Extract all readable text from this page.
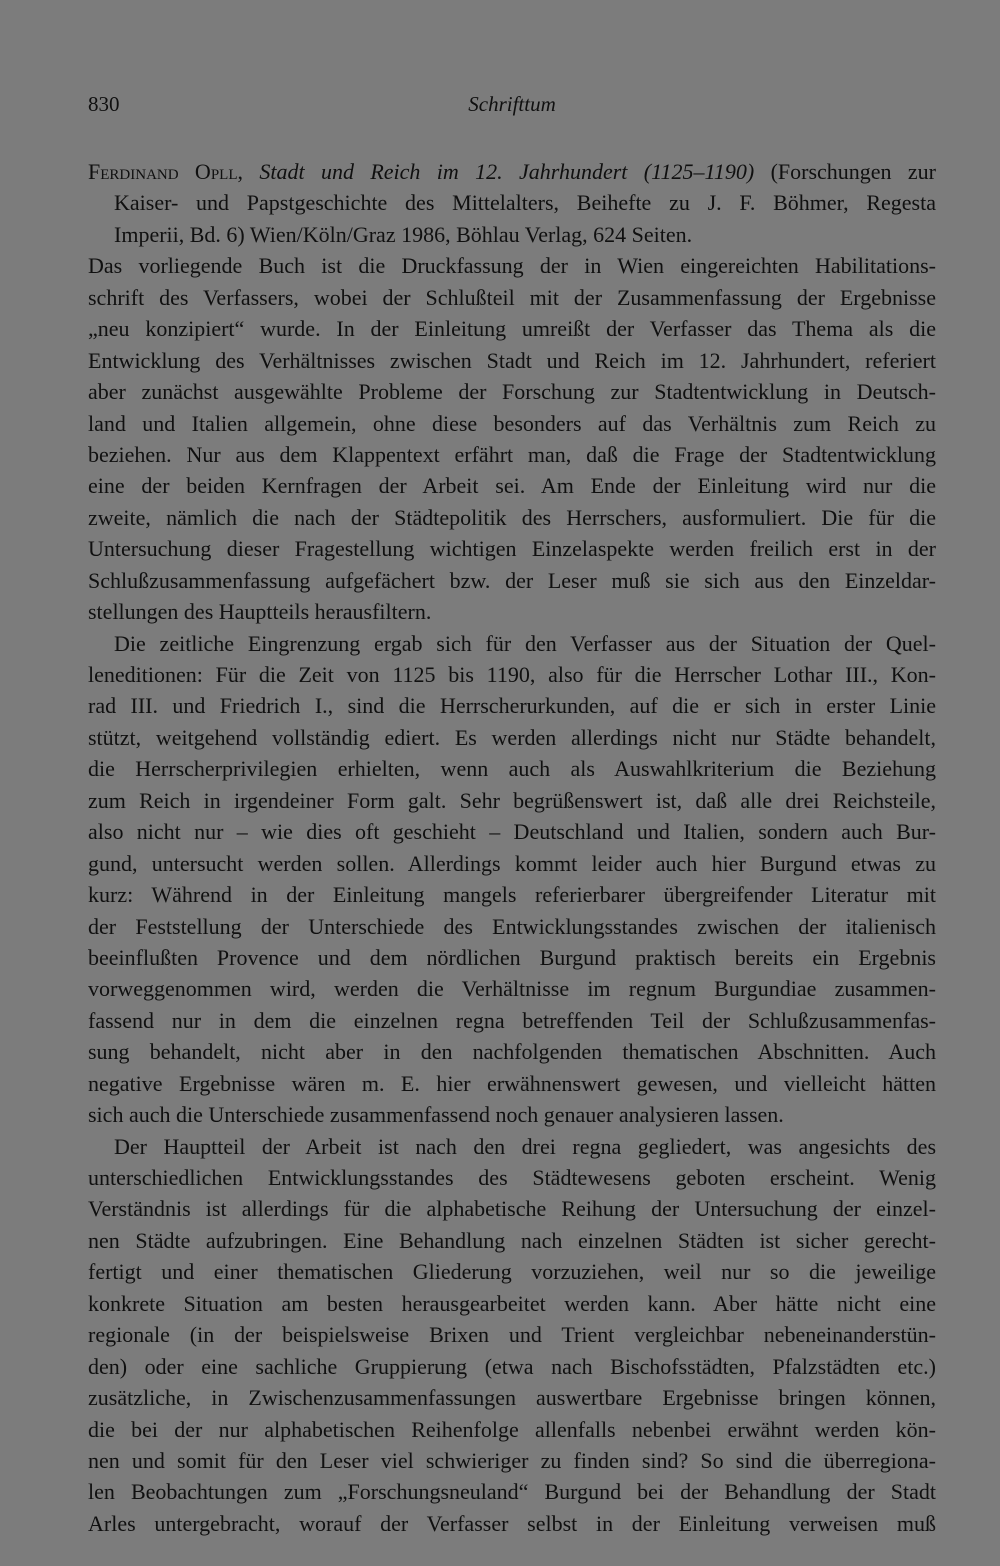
830	Schrifttum
Ferdinand Opll, Stadt und Reich im 12. Jahrhundert (1125–1190) (Forschungen zur
Kaiser- und Papstgeschichte des Mittelalters, Beihefte zu J. F. Böhmer, Regesta
Imperii, Bd. 6) Wien/Köln/Graz 1986, Böhlau Verlag, 624 Seiten.
Das vorliegende Buch ist die Druckfassung der in Wien eingereichten Habilitations-
schrift des Verfassers, wobei der Schlußteil mit der Zusammenfassung der Ergebnisse
„neu konzipiert“ wurde. In der Einleitung umreißt der Verfasser das Thema als die
Entwicklung des Verhältnisses zwischen Stadt und Reich im 12. Jahrhundert, referiert
aber zunächst ausgewählte Probleme der Forschung zur Stadtentwicklung in Deutsch-
land und Italien allgemein, ohne diese besonders auf das Verhältnis zum Reich zu
beziehen. Nur aus dem Klappentext erfährt man, daß die Frage der Stadtentwicklung
eine der beiden Kernfragen der Arbeit sei. Am Ende der Einleitung wird nur die
zweite, nämlich die nach der Städtepolitik des Herrschers, ausformuliert. Die für die
Untersuchung dieser Fragestellung wichtigen Einzelaspekte werden freilich erst in der
Schlußzusammenfassung aufgefächert bzw. der Leser muß sie sich aus den Einzeldar-
stellungen des Hauptteils herausfiltern.
Die zeitliche Eingrenzung ergab sich für den Verfasser aus der Situation der Quel-
leneditionen: Für die Zeit von 1125 bis 1190, also für die Herrscher Lothar III., Kon-
rad III. und Friedrich I., sind die Herrscherurkunden, auf die er sich in erster Linie
stützt, weitgehend vollständig ediert. Es werden allerdings nicht nur Städte behandelt,
die Herrscherprivilegien erhielten, wenn auch als Auswahlkriterium die Beziehung
zum Reich in irgendeiner Form galt. Sehr begrüßenswert ist, daß alle drei Reichsteile,
also nicht nur – wie dies oft geschieht – Deutschland und Italien, sondern auch Bur-
gund, untersucht werden sollen. Allerdings kommt leider auch hier Burgund etwas zu
kurz: Während in der Einleitung mangels referierbarer übergreifender Literatur mit
der Feststellung der Unterschiede des Entwicklungsstandes zwischen der italienisch
beeinflußten Provence und dem nördlichen Burgund praktisch bereits ein Ergebnis
vorweggenommen wird, werden die Verhältnisse im regnum Burgundiae zusammen-
fassend nur in dem die einzelnen regna betreffenden Teil der Schlußzusammenfas-
sung behandelt, nicht aber in den nachfolgenden thematischen Abschnitten. Auch
negative Ergebnisse wären m. E. hier erwähnenswert gewesen, und vielleicht hätten
sich auch die Unterschiede zusammenfassend noch genauer analysieren lassen.
Der Hauptteil der Arbeit ist nach den drei regna gegliedert, was angesichts des
unterschiedlichen Entwicklungsstandes des Städtewesens geboten erscheint. Wenig
Verständnis ist allerdings für die alphabetische Reihung der Untersuchung der einzel-
nen Städte aufzubringen. Eine Behandlung nach einzelnen Städten ist sicher gerecht-
fertigt und einer thematischen Gliederung vorzuziehen, weil nur so die jeweilige
konkrete Situation am besten herausgearbeitet werden kann. Aber hätte nicht eine
regionale (in der beispielsweise Brixen und Trient vergleichbar nebeneinanderstün-
den) oder eine sachliche Gruppierung (etwa nach Bischofsstädten, Pfalzstädten etc.)
zusätzliche, in Zwischenzusammenfassungen auswertbare Ergebnisse bringen können,
die bei der nur alphabetischen Reihenfolge allenfalls nebenbei erwähnt werden kön-
nen und somit für den Leser viel schwieriger zu finden sind? So sind die überregiona-
len Beobachtungen zum „Forschungsneuland“ Burgund bei der Behandlung der Stadt
Arles untergebracht, worauf der Verfasser selbst in der Einleitung verweisen muß
